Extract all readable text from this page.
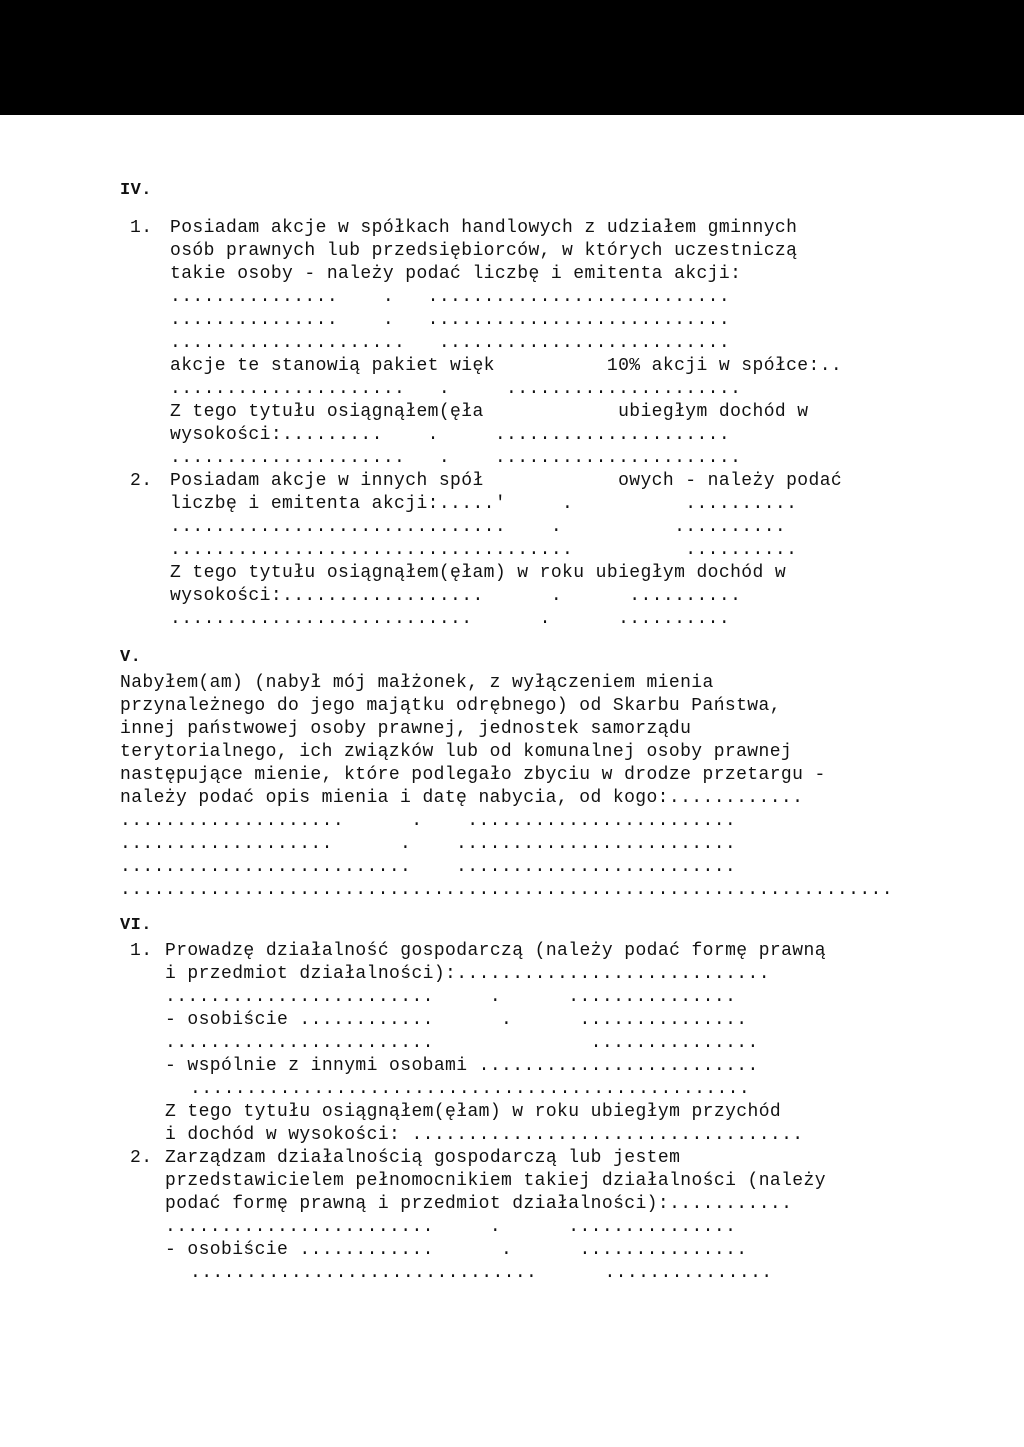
IV.
1. Posiadam akcje w spółkach handlowych z udziałem gminnych
osób prawnych lub przedsiębiorców, w których uczestniczą
takie osoby - należy podać liczbę i emitenta akcji:
...............    .   ...........................
...............    .   ...........................
.....................   ..........................
akcje te stanowią pakiet więk          10% akcji w spółce:..
.....................   .     .....................
Z tego tytułu osiągnąłem(ęła            ubiegłym dochód w
wysokości:.........    .     .....................
.....................   .    ......................
2. Posiadam akcje w innych spół            owych - należy podać
liczbę i emitenta akcji:.....'     .          ..........
..............................    .          ..........
....................................          ..........
Z tego tytułu osiągnąłem(ęłam) w roku ubiegłym dochód w
wysokości:..................      .      ..........
...........................      .      ..........
V.
Nabyłem(am) (nabył mój małżonek, z wyłączeniem mienia
przynależnego do jego majątku odrębnego) od Skarbu Państwa,
innej państwowej osoby prawnej, jednostek samorządu
terytorialnego, ich związków lub od komunalnej osoby prawnej
następujące mienie, które podlegało zbyciu w drodze przetargu -
należy podać opis mienia i datę nabycia, od kogo:............
....................      .    ........................
...................      .    .........................
..........................    .........................
.....................................................................
VI.
1. Prowadzę działalność gospodarczą (należy podać formę prawną
i przedmiot działalności):............................
........................     .      ...............
- osobiście ............      .      ...............
........................              ...............
- wspólnie z innymi osobami .........................
..................................................
Z tego tytułu osiągnąłem(ęłam) w roku ubiegłym przychód
i dochód w wysokości: ...................................
2. Zarządzam działalnością gospodarczą lub jestem
przedstawicielem pełnomocnikiem takiej działalności (należy
podać formę prawną i przedmiot działalności):...........
........................     .      ...............
- osobiście ............      .      ...............
...............................      ...............
